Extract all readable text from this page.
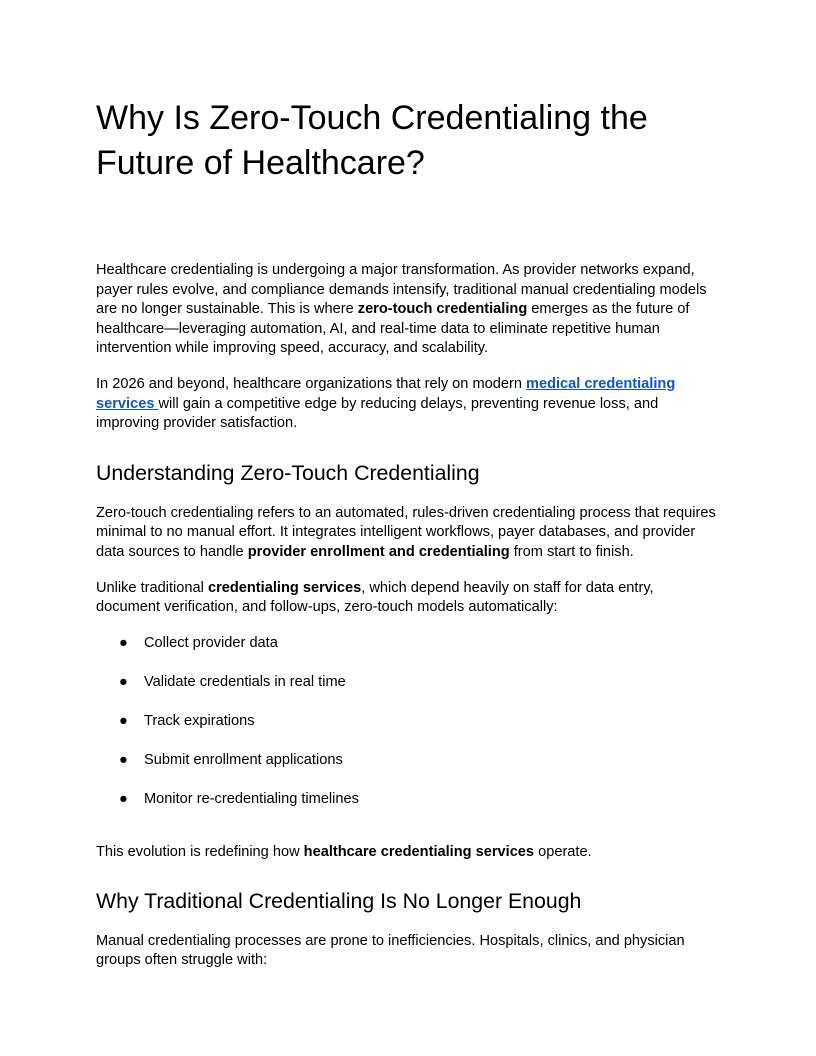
Why Is Zero-Touch Credentialing the Future of Healthcare?

Healthcare credentialing is undergoing a major transformation. As provider networks expand, payer rules evolve, and compliance demands intensify, traditional manual credentialing models are no longer sustainable. This is where zero-touch credentialing emerges as the future of healthcare—leveraging automation, AI, and real-time data to eliminate repetitive human intervention while improving speed, accuracy, and scalability.

In 2026 and beyond, healthcare organizations that rely on modern medical credentialing services will gain a competitive edge by reducing delays, preventing revenue loss, and improving provider satisfaction.

Understanding Zero-Touch Credentialing

Zero-touch credentialing refers to an automated, rules-driven credentialing process that requires minimal to no manual effort. It integrates intelligent workflows, payer databases, and provider data sources to handle provider enrollment and credentialing from start to finish.

Unlike traditional credentialing services, which depend heavily on staff for data entry, document verification, and follow-ups, zero-touch models automatically:

● Collect provider data
● Validate credentials in real time
● Track expirations
● Submit enrollment applications
● Monitor re-credentialing timelines

This evolution is redefining how healthcare credentialing services operate.

Why Traditional Credentialing Is No Longer Enough

Manual credentialing processes are prone to inefficiencies. Hospitals, clinics, and physician groups often struggle with:
